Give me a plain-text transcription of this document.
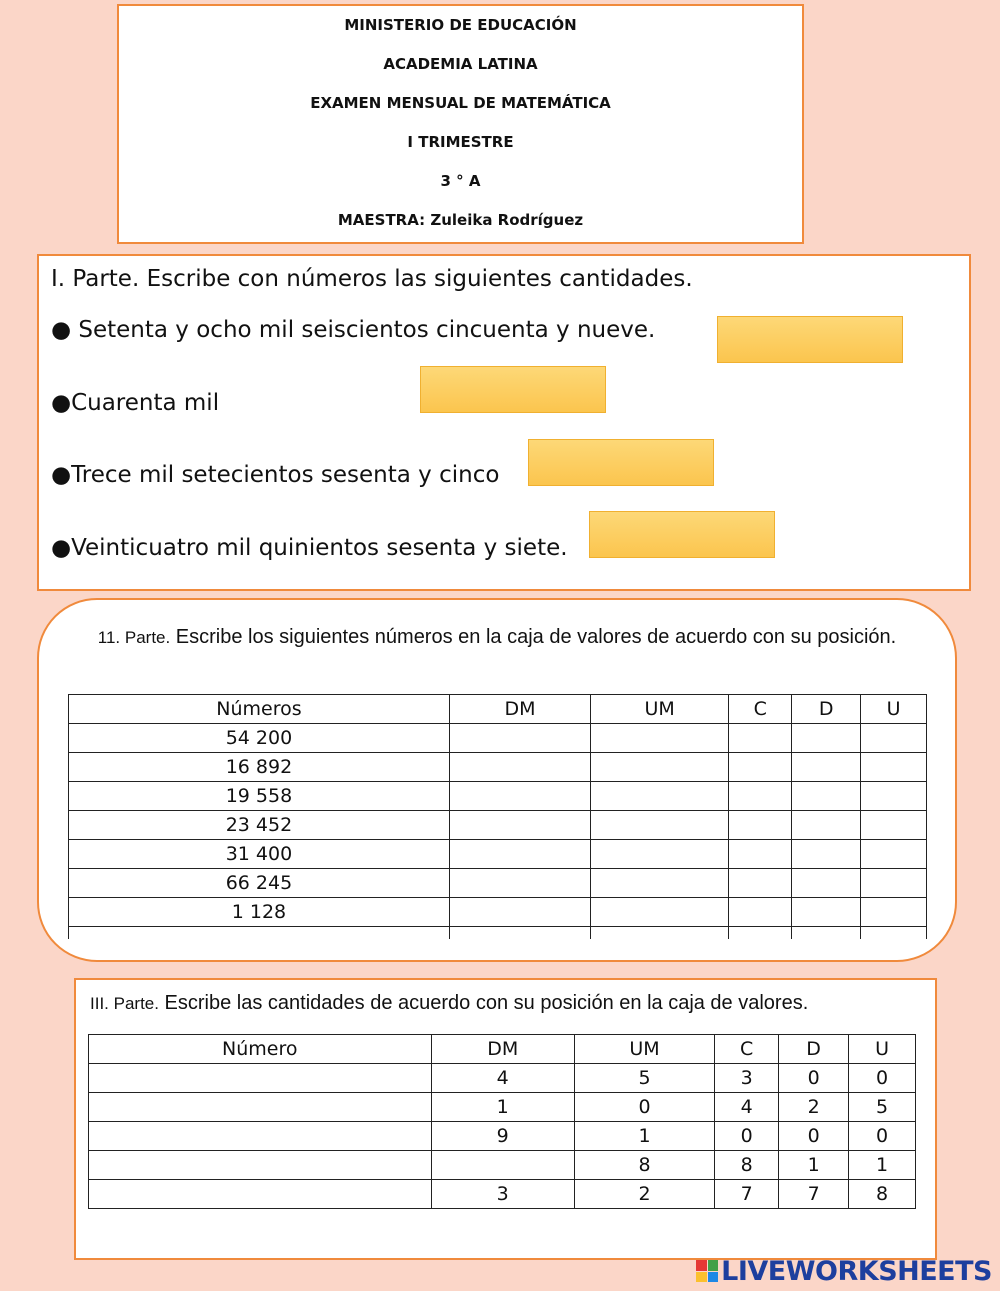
MINISTERIO DE EDUCACIÓN
ACADEMIA LATINA
EXAMEN MENSUAL DE MATEMÁTICA
I TRIMESTRE
3 ° A
MAESTRA: Zuleika Rodríguez
I. Parte. Escribe con números las siguientes cantidades.
● Setenta y ocho mil seiscientos cincuenta y nueve.
●Cuarenta mil
●Trece mil setecientos sesenta y cinco
●Veinticuatro mil quinientos sesenta y siete.
11. Parte. Escribe los siguientes números en la caja de valores de acuerdo con su posición.
Números	DM	UM	C	D	U
54 200					
16 892					
19 558					
23 452					
31 400					
66 245					
1 128					

III. Parte. Escribe las cantidades de acuerdo con su posición en la caja de valores.
Número	DM	UM	C	D	U
	4	5	3	0	0
	1	0	4	2	5
	9	1	0	0	0
		8	8	1	1
	3	2	7	7	8
LIVEWORKSHEETS
